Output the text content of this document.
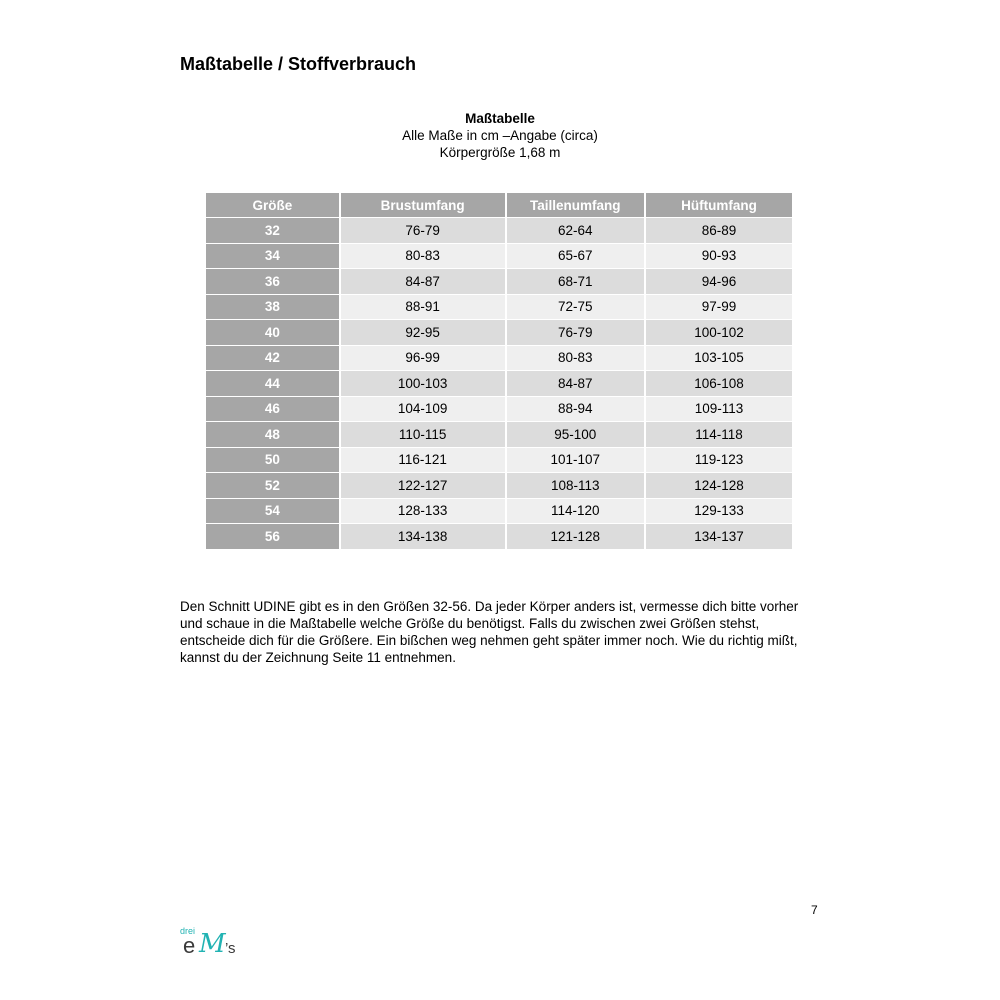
Maßtabelle / Stoffverbrauch
Maßtabelle
Alle Maße in cm –Angabe (circa)
Körpergröße 1,68 m
Größe	Brustumfang	Taillenumfang	Hüftumfang
32	76-79	62-64	86-89
34	80-83	65-67	90-93
36	84-87	68-71	94-96
38	88-91	72-75	97-99
40	92-95	76-79	100-102
42	96-99	80-83	103-105
44	100-103	84-87	106-108
46	104-109	88-94	109-113
48	110-115	95-100	114-118
50	116-121	101-107	119-123
52	122-127	108-113	124-128
54	128-133	114-120	129-133
56	134-138	121-128	134-137

Den Schnitt UDINE gibt es in den Größen 32-56. Da jeder Körper anders ist, vermesse dich bitte vorher und schaue in die Maßtabelle welche Größe du benötigst. Falls du zwischen zwei Größen stehst, entscheide dich für die Größere. Ein bißchen weg nehmen geht später immer noch. Wie du richtig mißt, kannst du der Zeichnung Seite 11 entnehmen.

7
drei
e M ’s
